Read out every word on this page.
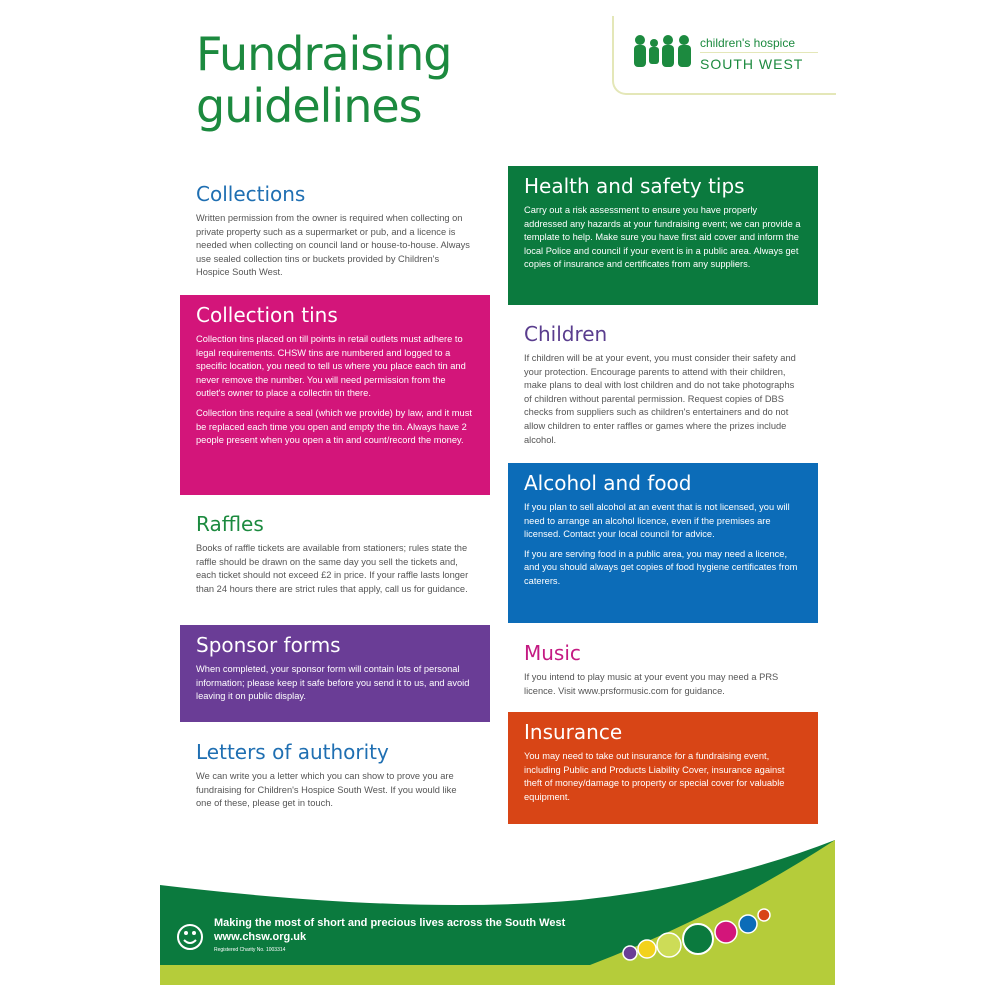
Fundraising
guidelines
children's hospice
SOUTH WEST
Collections

Written permission from the owner is required when collecting on private property such as a supermarket or pub, and a licence is needed when collecting on council land or house-to-house. Always use sealed collection tins or buckets provided by Children's Hospice South West.

Collection tins

Collection tins placed on till points in retail outlets must adhere to legal requirements. CHSW tins are numbered and logged to a specific location, you need to tell us where you place each tin and never remove the number. You will need permission from the outlet's owner to place a collectin tin there.

Collection tins require a seal (which we provide) by law, and it must be replaced each time you open and empty the tin. Always have 2 people present when you open a tin and count/record the money.

Raffles

Books of raffle tickets are available from stationers; rules state the raffle should be drawn on the same day you sell the tickets and, each ticket should not exceed £2 in price. If your raffle lasts longer than 24 hours there are strict rules that apply, call us for guidance.

Sponsor forms

When completed, your sponsor form will contain lots of personal information; please keep it safe before you send it to us, and avoid leaving it on public display.

Letters of authority

We can write you a letter which you can show to prove you are fundraising for Children's Hospice South West. If you would like one of these, please get in touch.

Health and safety tips

Carry out a risk assessment to ensure you have properly addressed any hazards at your fundraising event; we can provide a template to help. Make sure you have first aid cover and inform the local Police and council if your event is in a public area. Always get copies of insurance and certificates from any suppliers.

Children

If children will be at your event, you must consider their safety and your protection. Encourage parents to attend with their children, make plans to deal with lost children and do not take photographs of children without parental permission. Request copies of DBS checks from suppliers such as children's entertainers and do not allow children to enter raffles or games where the prizes include alcohol.

Alcohol and food

If you plan to sell alcohol at an event that is not licensed, you will need to arrange an alcohol licence, even if the premises are licensed. Contact your local council for advice.

If you are serving food in a public area, you may need a licence, and you should always get copies of food hygiene certificates from caterers.

Music

If you intend to play music at your event you may need a PRS licence. Visit www.prsformusic.com for guidance.

Insurance

You may need to take out insurance for a fundraising event, including Public and Products Liability Cover, insurance against theft of money/damage to property or special cover for valuable equipment.

Making the most of short and precious lives across the South West
www.chsw.org.uk
Registered Charity No. 1003314
